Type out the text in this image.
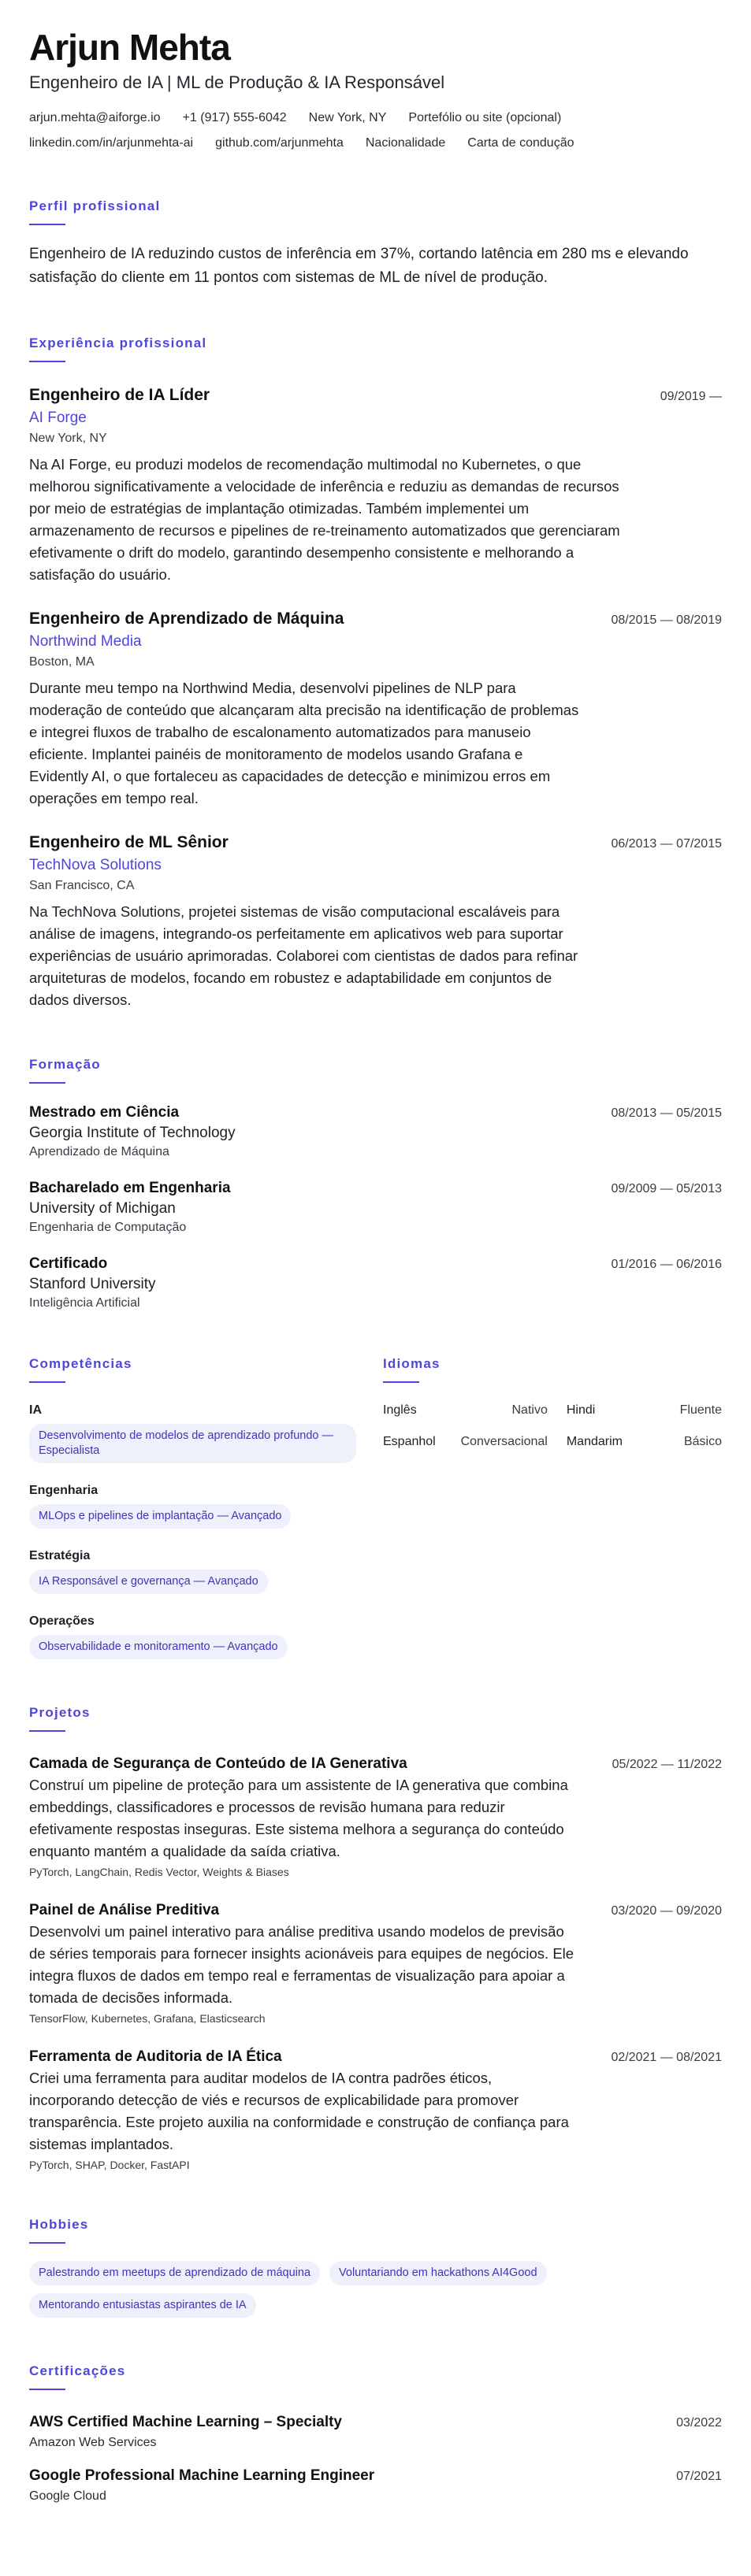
Arjun Mehta
Engenheiro de IA | ML de Produção & IA Responsável
arjun.mehta@aiforge.io +1 (917) 555-6042 New York, NY Portefólio ou site (opcional)
linkedin.com/in/arjunmehta-ai github.com/arjunmehta Nacionalidade Carta de condução
Perfil profissional

Engenheiro de IA reduzindo custos de inferência em 37%, cortando latência em 280 ms e elevando satisfação do cliente em 11 pontos com sistemas de ML de nível de produção.

Experiência profissional
Engenheiro de IA Líder	09/2019 —
AI Forge
New York, NY

Na AI Forge, eu produzi modelos de recomendação multimodal no Kubernetes, o que melhorou significativamente a velocidade de inferência e reduziu as demandas de recursos por meio de estratégias de implantação otimizadas. Também implementei um armazenamento de recursos e pipelines de re-treinamento automatizados que gerenciaram efetivamente o drift do modelo, garantindo desempenho consistente e melhorando a satisfação do usuário.

Engenheiro de Aprendizado de Máquina	08/2015 — 08/2019
Northwind Media
Boston, MA

Durante meu tempo na Northwind Media, desenvolvi pipelines de NLP para moderação de conteúdo que alcançaram alta precisão na identificação de problemas e integrei fluxos de trabalho de escalonamento automatizados para manuseio eficiente. Implantei painéis de monitoramento de modelos usando Grafana e Evidently AI, o que fortaleceu as capacidades de detecção e minimizou erros em operações em tempo real.

Engenheiro de ML Sênior	06/2013 — 07/2015
TechNova Solutions
San Francisco, CA

Na TechNova Solutions, projetei sistemas de visão computacional escaláveis para análise de imagens, integrando-os perfeitamente em aplicativos web para suportar experiências de usuário aprimoradas. Colaborei com cientistas de dados para refinar arquiteturas de modelos, focando em robustez e adaptabilidade em conjuntos de dados diversos.

Formação
Mestrado em Ciência	08/2013 — 05/2015
Georgia Institute of Technology
Aprendizado de Máquina
Bacharelado em Engenharia	09/2009 — 05/2013
University of Michigan
Engenharia de Computação
Certificado	01/2016 — 06/2016
Stanford University
Inteligência Artificial
Competências
IA
Desenvolvimento de modelos de aprendizado profundo — Especialista
Engenharia
MLOps e pipelines de implantação — Avançado
Estratégia
IA Responsável e governança — Avançado
Operações
Observabilidade e monitoramento — Avançado
Idiomas
Inglês	Nativo	Hindi	Fluente
Espanhol	Conversacional	Mandarim	Básico
Projetos
Camada de Segurança de Conteúdo de IA Generativa	05/2022 — 11/2022

Construí um pipeline de proteção para um assistente de IA generativa que combina embeddings, classificadores e processos de revisão humana para reduzir efetivamente respostas inseguras. Este sistema melhora a segurança do conteúdo enquanto mantém a qualidade da saída criativa.

PyTorch, LangChain, Redis Vector, Weights & Biases
Painel de Análise Preditiva	03/2020 — 09/2020

Desenvolvi um painel interativo para análise preditiva usando modelos de previsão de séries temporais para fornecer insights acionáveis para equipes de negócios. Ele integra fluxos de dados em tempo real e ferramentas de visualização para apoiar a tomada de decisões informada.

TensorFlow, Kubernetes, Grafana, Elasticsearch
Ferramenta de Auditoria de IA Ética	02/2021 — 08/2021

Criei uma ferramenta para auditar modelos de IA contra padrões éticos, incorporando detecção de viés e recursos de explicabilidade para promover transparência. Este projeto auxilia na conformidade e construção de confiança para sistemas implantados.

PyTorch, SHAP, Docker, FastAPI
Hobbies
Palestrando em meetups de aprendizado de máquina	Voluntariando em hackathons AI4Good
Mentorando entusiastas aspirantes de IA
Certificações
AWS Certified Machine Learning – Specialty	03/2022
Amazon Web Services
Google Professional Machine Learning Engineer	07/2021
Google Cloud
